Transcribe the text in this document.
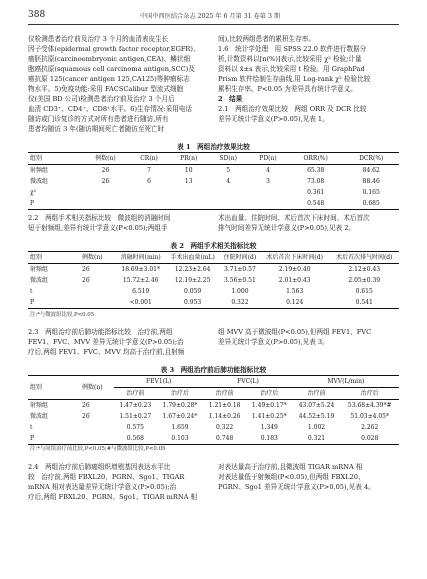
388	中国中西医结合杂志 2025 年 6 月第 31 卷第 3 期

仪检测患者治疗前及治疗 3 个月的血清表皮生长

因子受体(epidermal growth factor receptor,EGFR)、

癌胚抗原(carcinoembryonic antigen,CEA)、鳞状细

胞癌抗原(squamous cell carcinoma antigen,SCC)及

癌抗原 125(cancer antigen 125,CA125)等肿瘤标志

物水平。5)免疫功能:采用 FACSCalibur 型流式细胞

仪(美国 BD 公司)检测患者治疗前及治疗 3 个月后

血清 CD3⁺、CD4⁺、CD8⁺水平。6)生存情况:采用电话

随访或门诊复诊的方式对所有患者进行随访,所有

患者均随访 3 年(随访期间死亡者随访至死亡时

间),比较两组患者的累积生存率。

1.6　统计学处理　用 SPSS 22.0 软件进行数据分

析,计数资料以[n(%)]表示,比较采用 χ² 检验;计量

资料以 x̄±s 表示,比较采用 t 检验。用 GraphPad

Prism 软件绘制生存曲线,用 Log-rank χ² 检验比较

累积生存率。P<0.05 为差异具有统计学意义。

2　结果

2.1　两组治疗效果比较　两组 ORR 及 DCR 比较

差异无统计学意义(P>0.05),见表 1。

表 1　两组治疗效果比较
组别	例数(n)	CR(n)	PR(n)	SD(n)	PD(n)	ORR(%)	DCR(%)
射频组	26	7	10	5	4	65.38	84.62
微波组	26	6	13	4	3	73.08	88.46
χ²						0.361	0.165
P						0.548	0.685

2.2　两组手术相关指标比较　微波组的消融时间

短于射频组,差异有统计学意义(P<0.05);两组手

术出血量、住院时间、术后首次下床时间、术后首次

排气时间差异无统计学意义(P>0.05),见表 2。

表 2　两组手术相关指标比较
组别	例数(n)	消融时间(min)	手术出血量(mL)	住院时间(d)	术后首次下床时间(d)	术后首次排气时间(d)
射频组	26	18.69±3.01*	12.23±2.64	3.71±0.57	2.19±0.40	2.12±0.43
微波组	26	15.72±2.46	12.19±2.25	3.56±0.51	2.01±0.43	2.05±0.39
t		6.519	0.059	1.000	1.563	0.615
P		<0.001	0.953	0.322	0.124	0.541
注:*与微波组比较,P<0.05

2.3　两组治疗前后肺功能指标比较　治疗前,两组

FEV1、FVC、MVV 差异无统计学意义(P>0.05);治

疗后,两组 FEV1、FVC、MVV 均高于治疗前,且射频

组 MVV 高于微波组(P<0.05),但两组 FEV1、FVC

差异无统计学意义(P>0.05),见表 3。

表 3　两组治疗前后肺功能指标比较
组别	例数(n)	FEV1(L)		FVC(L)		MVV(L/min)	
		治疗前	治疗后	治疗前	治疗后	治疗前	治疗后
射频组	26	1.47±0.23	1.79±0.28*	1.21±0.18	1.49±0.17*	43.07±5.24	53.68±4.39*#
微波组	26	1.51±0.27	1.67±0.24*	1.14±0.26	1.41±0.25*	44.52±5.19	51.03±4.05*
t		0.575	1.659	0.322	1.349	1.002	2.262
P		0.568	0.103	0.748	0.183	0.321	0.028
注:*与同组治疗前比较,P<0.05;#与微波组比较,P<0.05

2.4　两组治疗前后肺癌组织增殖基因表达水平比

较　治疗前,两组 FBXL20、PGRN、Sgo1、TIGAR

mRNA 相对表达量差异无统计学意义(P>0.05);治

疗后,两组 FBXL20、PGRN、Sgo1、TIGAR mRNA 相

对表达量高于治疗前,且微波组 TIGAR mRNA 相

对表达量低于射频组(P<0.05),但两组 FBXL20、

PGRN、Sgo1 差异无统计学意义(P>0.05),见表 4。
